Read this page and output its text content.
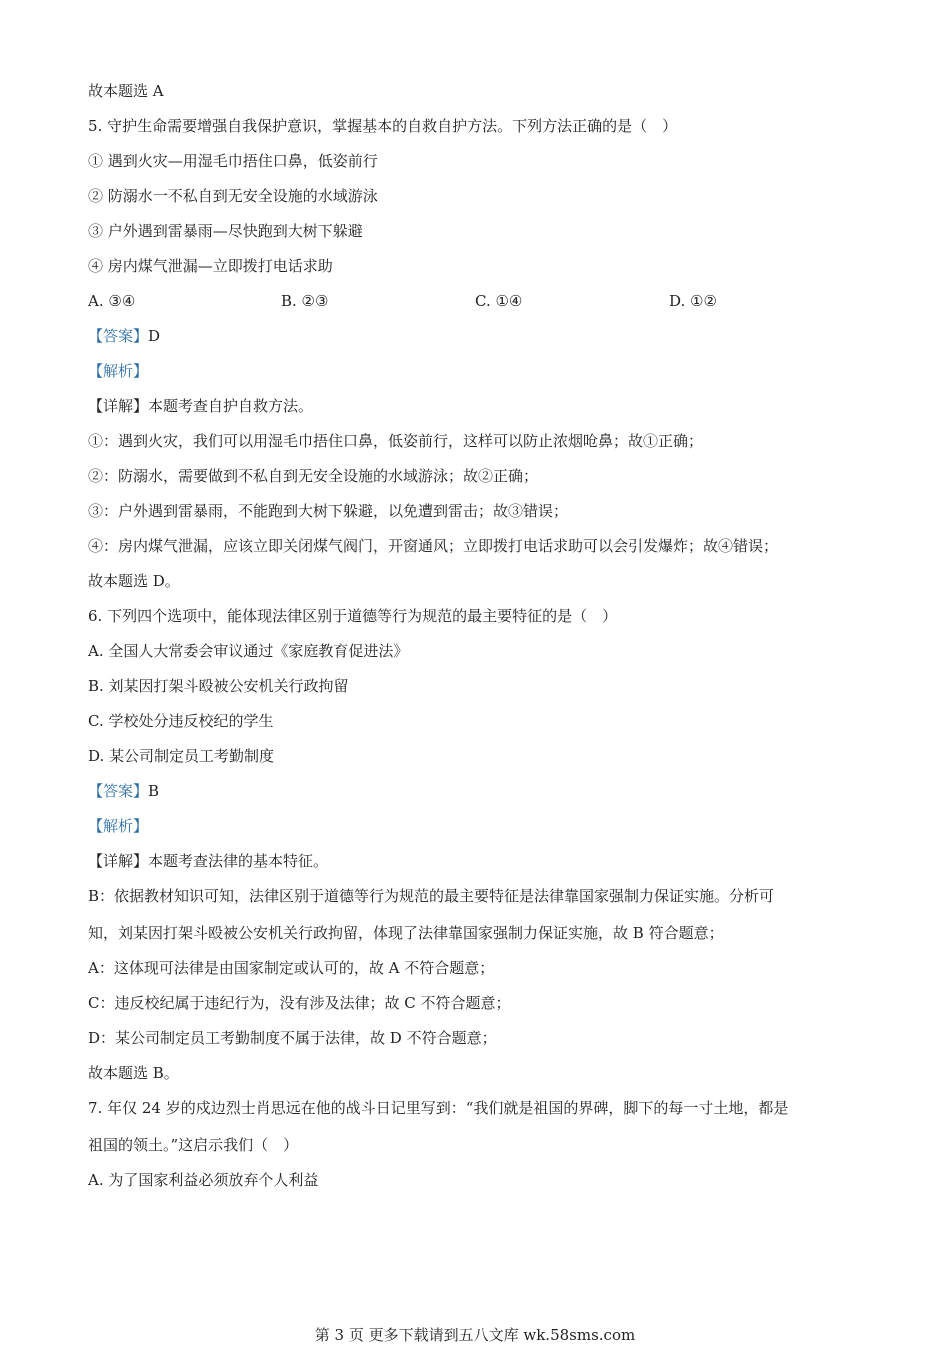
故本题选 A
5. 守护生命需要增强自我保护意识，掌握基本的自救自护方法。下列方法正确的是（　）
① 遇到火灾—用湿毛巾捂住口鼻，低姿前行
② 防溺水一不私自到无安全设施的水域游泳
③ 户外遇到雷暴雨—尽快跑到大树下躲避
④ 房内煤气泄漏—立即拨打电话求助
A. ③④	B. ②③	C. ①④	D. ①②
【答案】D
【解析】
【详解】本题考查自护自救方法。
①：遇到火灾，我们可以用湿毛巾捂住口鼻，低姿前行，这样可以防止浓烟呛鼻；故①正确；
②：防溺水，需要做到不私自到无安全设施的水域游泳；故②正确；
③：户外遇到雷暴雨，不能跑到大树下躲避，以免遭到雷击；故③错误；
④：房内煤气泄漏，应该立即关闭煤气阀门，开窗通风；立即拨打电话求助可以会引发爆炸；故④错误；
故本题选 D。
6. 下列四个选项中，能体现法律区别于道德等行为规范的最主要特征的是（　）
A. 全国人大常委会审议通过《家庭教育促进法》
B. 刘某因打架斗殴被公安机关行政拘留
C. 学校处分违反校纪的学生
D. 某公司制定员工考勤制度
【答案】B
【解析】
【详解】本题考查法律的基本特征。
B：依据教材知识可知，法律区别于道德等行为规范的最主要特征是法律靠国家强制力保证实施。分析可
知，刘某因打架斗殴被公安机关行政拘留，体现了法律靠国家强制力保证实施，故 B 符合题意；
A：这体现可法律是由国家制定或认可的，故 A 不符合题意；
C：违反校纪属于违纪行为，没有涉及法律；故 C 不符合题意；
D：某公司制定员工考勤制度不属于法律，故 D 不符合题意；
故本题选 B。
7. 年仅 24 岁的戍边烈士肖思远在他的战斗日记里写到：“我们就是祖国的界碑，脚下的每一寸土地，都是
祖国的领土。”这启示我们（　）
A. 为了国家利益必须放弃个人利益
第 3 页 更多下载请到五八文库 wk.58sms.com
